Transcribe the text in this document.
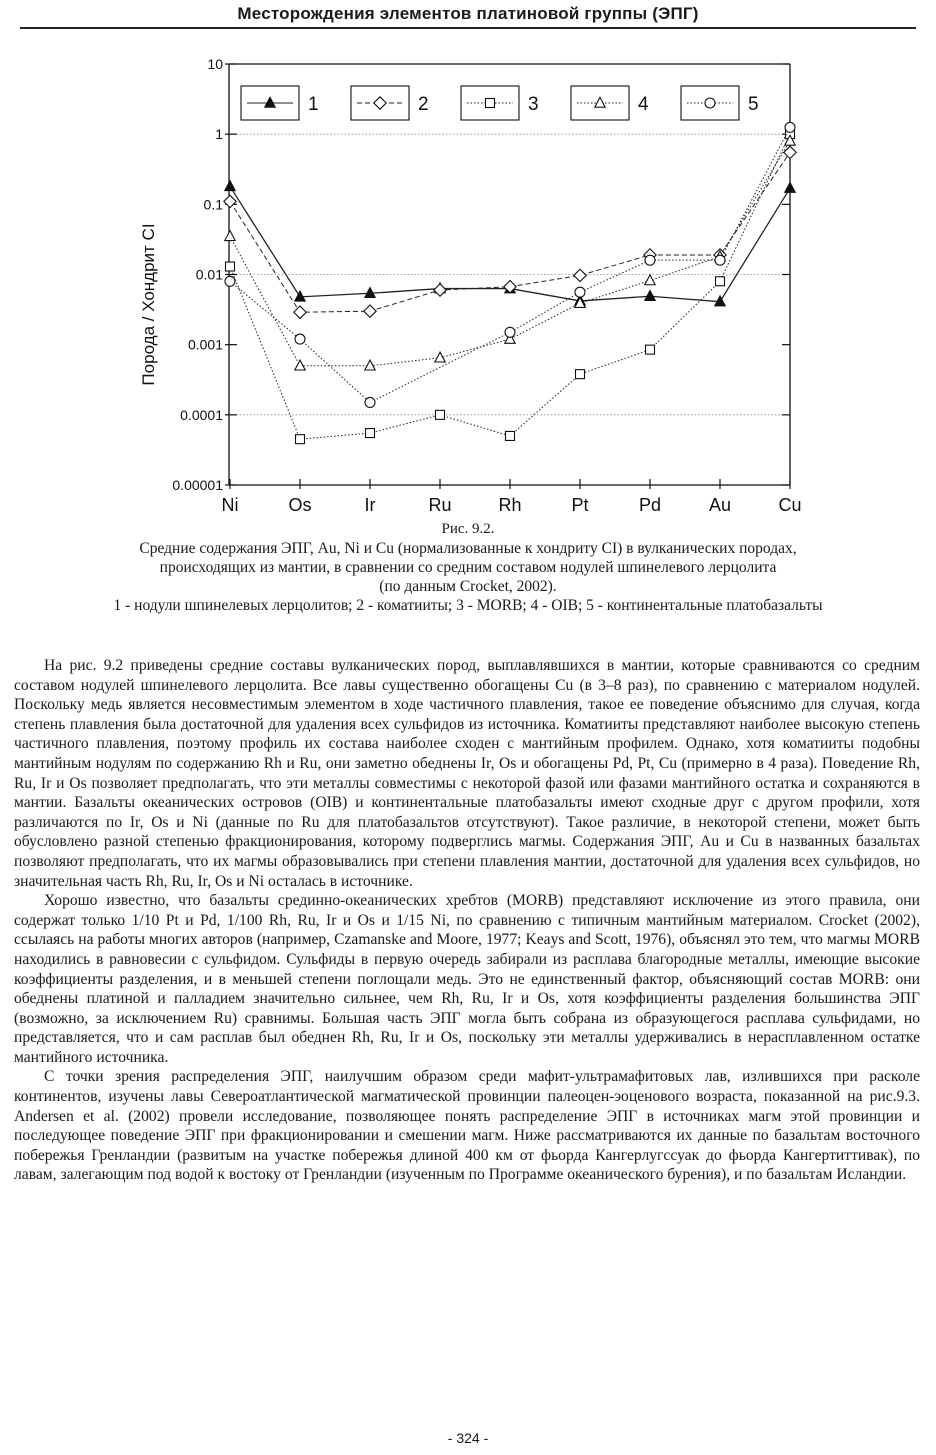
Месторождения элементов платиновой группы (ЭПГ)
0.00001
0.0001
0.001
0.01
0.1
1
10
Ni	Os	Ir	Ru	Rh	Pt	Pd	Au	Cu
Порода / Хондрит CI
1	2	3	4	5
Рис. 9.2.
Средние содержания ЭПГ, Au, Ni и Cu (нормализованные к хондриту CI) в вулканических породах,
происходящих из мантии, в сравнении со средним составом нодулей шпинелевого лерцолита
(по данным Crocket, 2002).
1 - нодули шпинелевых лерцолитов; 2 - коматииты; 3 - MORB; 4 - OIB; 5 - континентальные платобазальты

На рис. 9.2 приведены средние составы вулканических пород, выплавлявшихся в мантии, которые сравниваются со средним составом нодулей шпинелевого лерцолита. Все лавы существенно обогащены Cu (в 3–8 раз), по сравнению с материалом нодулей. Поскольку медь является несовместимым элементом в ходе частичного плавления, такое ее поведение объяснимо для случая, когда степень плавления была достаточной для удаления всех сульфидов из источника. Коматииты представляют наиболее высокую степень частичного плавления, поэтому профиль их состава наиболее сходен с мантийным профилем. Однако, хотя коматииты подобны мантийным нодулям по содержанию Rh и Ru, они заметно обеднены Ir, Os и обогащены Pd, Pt, Cu (примерно в 4 раза). Поведение Rh, Ru, Ir и Os позволяет предполагать, что эти металлы совместимы с некоторой фазой или фазами мантийного остатка и сохраняются в мантии. Базальты океанических островов (OIB) и континентальные платобазальты имеют сходные друг с другом профили, хотя различаются по Ir, Os и Ni (данные по Ru для платобазальтов отсутствуют). Такое различие, в некоторой степени, может быть обусловлено разной степенью фракционирования, которому подверглись магмы. Содержания ЭПГ, Au и Cu в названных базальтах позволяют предполагать, что их магмы образовывались при степени плавления мантии, достаточной для удаления всех сульфидов, но значительная часть Rh, Ru, Ir, Os и Ni осталась в источнике.

Хорошо известно, что базальты срединно-океанических хребтов (MORB) представляют исключение из этого правила, они содержат только 1/10 Pt и Pd, 1/100 Rh, Ru, Ir и Os и 1/15 Ni, по сравнению с типичным мантийным материалом. Crocket (2002), ссылаясь на работы многих авторов (например, Czamanske and Moore, 1977; Keays and Scott, 1976), объяснял это тем, что магмы MORB находились в равновесии с сульфидом. Сульфиды в первую очередь забирали из расплава благородные металлы, имеющие высокие коэффициенты разделения, и в меньшей степени поглощали медь. Это не единственный фактор, объясняющий состав MORB: они обеднены платиной и палладием значительно сильнее, чем Rh, Ru, Ir и Os, хотя коэффициенты разделения большинства ЭПГ (возможно, за исключением Ru) сравнимы. Большая часть ЭПГ могла быть собрана из образующегося расплава сульфидами, но представляется, что и сам расплав был обеднен Rh, Ru, Ir и Os, поскольку эти металлы удерживались в нерасплавленном остатке мантийного источника.

С точки зрения распределения ЭПГ, наилучшим образом среди мафит-ультрамафитовых лав, излившихся при расколе континентов, изучены лавы Североатлантической магматической провинции палеоцен-эоценового возраста, показанной на рис.9.3. Andersen et al. (2002) провели исследование, позволяющее понять распределение ЭПГ в источниках магм этой провинции и последующее поведение ЭПГ при фракционировании и смешении магм. Ниже рассматриваются их данные по базальтам восточного побережья Гренландии (развитым на участке побережья длиной 400 км от фьорда Кангерлугссуак до фьорда Кангертиттивак), по лавам, залегающим под водой к востоку от Гренландии (изученным по Программе океанического бурения), и по базальтам Исландии.

- 324 -
